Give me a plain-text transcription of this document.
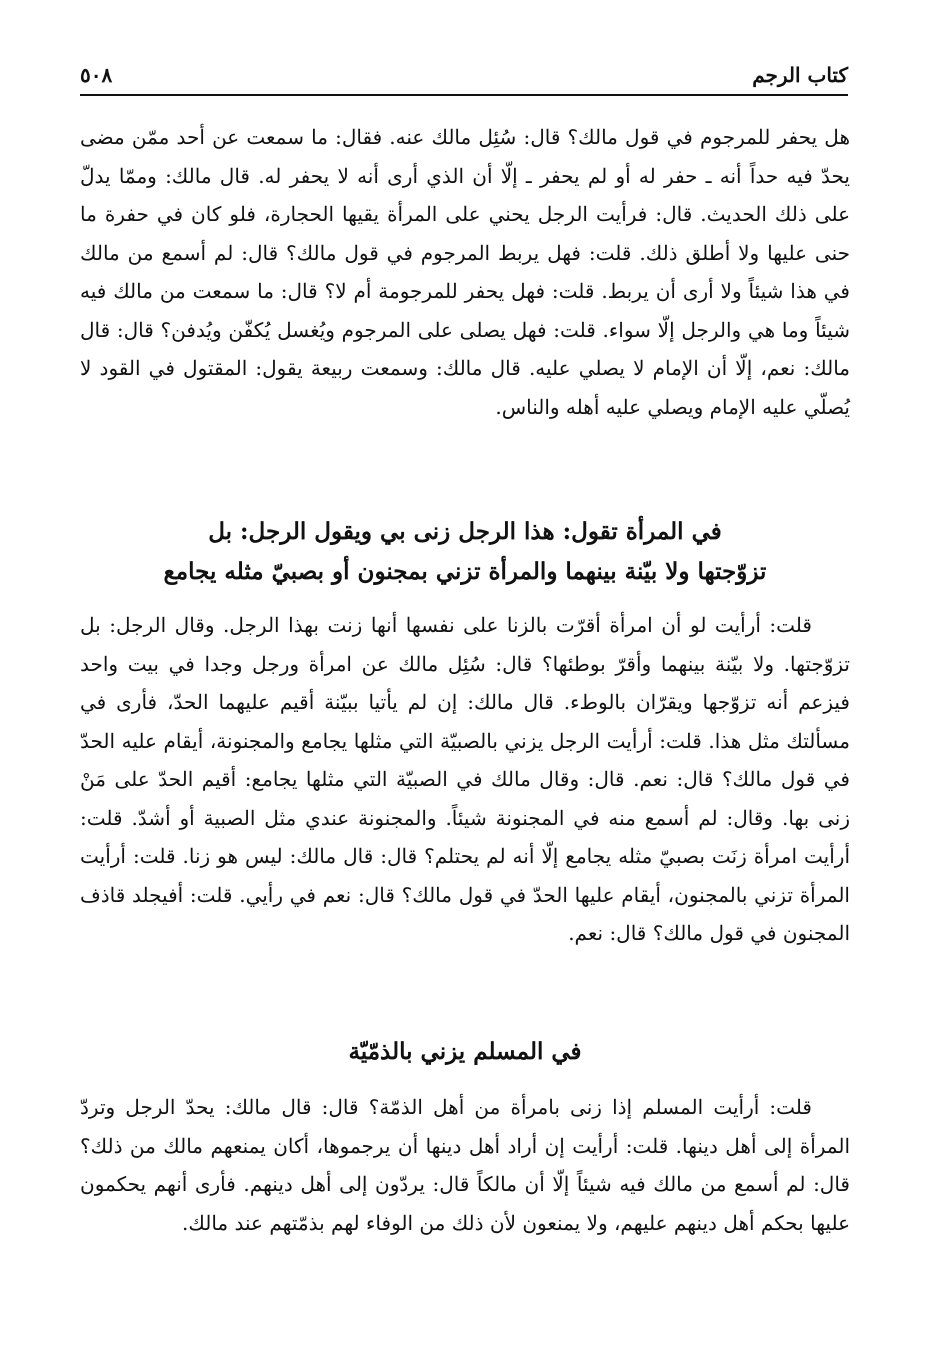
كتاب الرجم
٥٠٨

هل يحفر للمرجوم في قول مالك؟ قال: سُئِل مالك عنه. فقال: ما سمعت عن أحد ممّن مضى يحدّ فيه حداً أنه ـ حفر له أو لم يحفر ـ إلّا أن الذي أرى أنه لا يحفر له. قال مالك: وممّا يدلّ على ذلك الحديث. قال: فرأيت الرجل يحني على المرأة يقيها الحجارة، فلو كان في حفرة ما حنى عليها ولا أطلق ذلك. قلت: فهل يربط المرجوم في قول مالك؟ قال: لم أسمع من مالك في هذا شيئاً ولا أرى أن يربط. قلت: فهل يحفر للمرجومة أم لا؟ قال: ما سمعت من مالك فيه شيئاً وما هي والرجل إلّا سواء. قلت: فهل يصلى على المرجوم ويُغسل يُكفّن ويُدفن؟ قال: قال مالك: نعم، إلّا أن الإمام لا يصلي عليه. قال مالك: وسمعت ربيعة يقول: المقتول في القود لا يُصلّي عليه الإمام ويصلي عليه أهله والناس.

في المرأة تقول: هذا الرجل زنى بي ويقول الرجل: بل
تزوّجتها ولا بيّنة بينهما والمرأة تزني بمجنون أو بصبيّ مثله يجامع

قلت: أرأيت لو أن امرأة أقرّت بالزنا على نفسها أنها زنت بهذا الرجل. وقال الرجل: بل تزوّجتها. ولا بيّنة بينهما وأقرّ بوطئها؟ قال: سُئِل مالك عن امرأة ورجل وجدا في بيت واحد فيزعم أنه تزوّجها ويقرّان بالوطء. قال مالك: إن لم يأتيا ببيّنة أقيم عليهما الحدّ، فأرى في مسألتك مثل هذا. قلت: أرأيت الرجل يزني بالصبيّة التي مثلها يجامع والمجنونة، أيقام عليه الحدّ في قول مالك؟ قال: نعم. قال: وقال مالك في الصبيّة التي مثلها يجامع: أقيم الحدّ على مَنْ زنى بها. وقال: لم أسمع منه في المجنونة شيئاً. والمجنونة عندي مثل الصبية أو أشدّ. قلت: أرأيت امرأة زنَت بصبيّ مثله يجامع إلّا أنه لم يحتلم؟ قال: قال مالك: ليس هو زنا. قلت: أرأيت المرأة تزني بالمجنون، أيقام عليها الحدّ في قول مالك؟ قال: نعم في رأيي. قلت: أفيجلد قاذف المجنون في قول مالك؟ قال: نعم.

في المسلم يزني بالذمّيّة

قلت: أرأيت المسلم إذا زنى بامرأة من أهل الذمّة؟ قال: قال مالك: يحدّ الرجل وتردّ المرأة إلى أهل دينها. قلت: أرأيت إن أراد أهل دينها أن يرجموها، أكان يمنعهم مالك من ذلك؟ قال: لم أسمع من مالك فيه شيئاً إلّا أن مالكاً قال: يردّون إلى أهل دينهم. فأرى أنهم يحكمون عليها بحكم أهل دينهم عليهم، ولا يمنعون لأن ذلك من الوفاء لهم بذمّتهم عند مالك.
